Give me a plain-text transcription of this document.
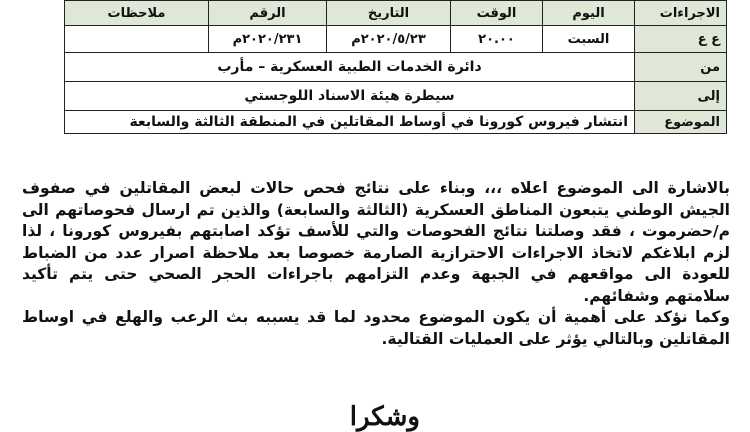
الاجراءات	اليوم	الوقت	التاريخ	الرقم	ملاحظات
ع ع	السبت	٢٠.٠٠	٢٠٢٠/٥/٢٣م	٢٠٢٠/٢٣١م	
من	دائرة الخدمات الطبية العسكرية – مأرب				
إلى	سيطرة هيئة الاسناد اللوجستي				
الموضوع	انتشار فيروس كورونا في أوساط المقاتلين في المنطقة الثالثة والسابعة				

بالاشارة الى الموضوع اعلاه ،،، وبناء على نتائج فحص حالات لبعض المقاتلين في صفوف الجيش الوطني يتبعون المناطق العسكرية (الثالثة والسابعة) والذين تم ارسال فحوصاتهم الى م/حضرموت ، فقد وصلتنا نتائج الفحوصات والتي للأسف تؤكد اصابتهم بفيروس كورونا ، لذا لزم ابلاغكم لاتخاذ الاجراءات الاحترازية الصارمة خصوصا بعد ملاحظة اصرار عدد من الضباط للعودة الى مواقعهم في الجبهة وعدم التزامهم باجراءات الحجر الصحي حتى يتم تأكيد سلامتهم وشفائهم.

وكما نؤكد على أهمية أن يكون الموضوع محدود لما قد يسببه بث الرعب والهلع في اوساط المقاتلين وبالتالي يؤثر على العمليات القتالية.

وشكرا
